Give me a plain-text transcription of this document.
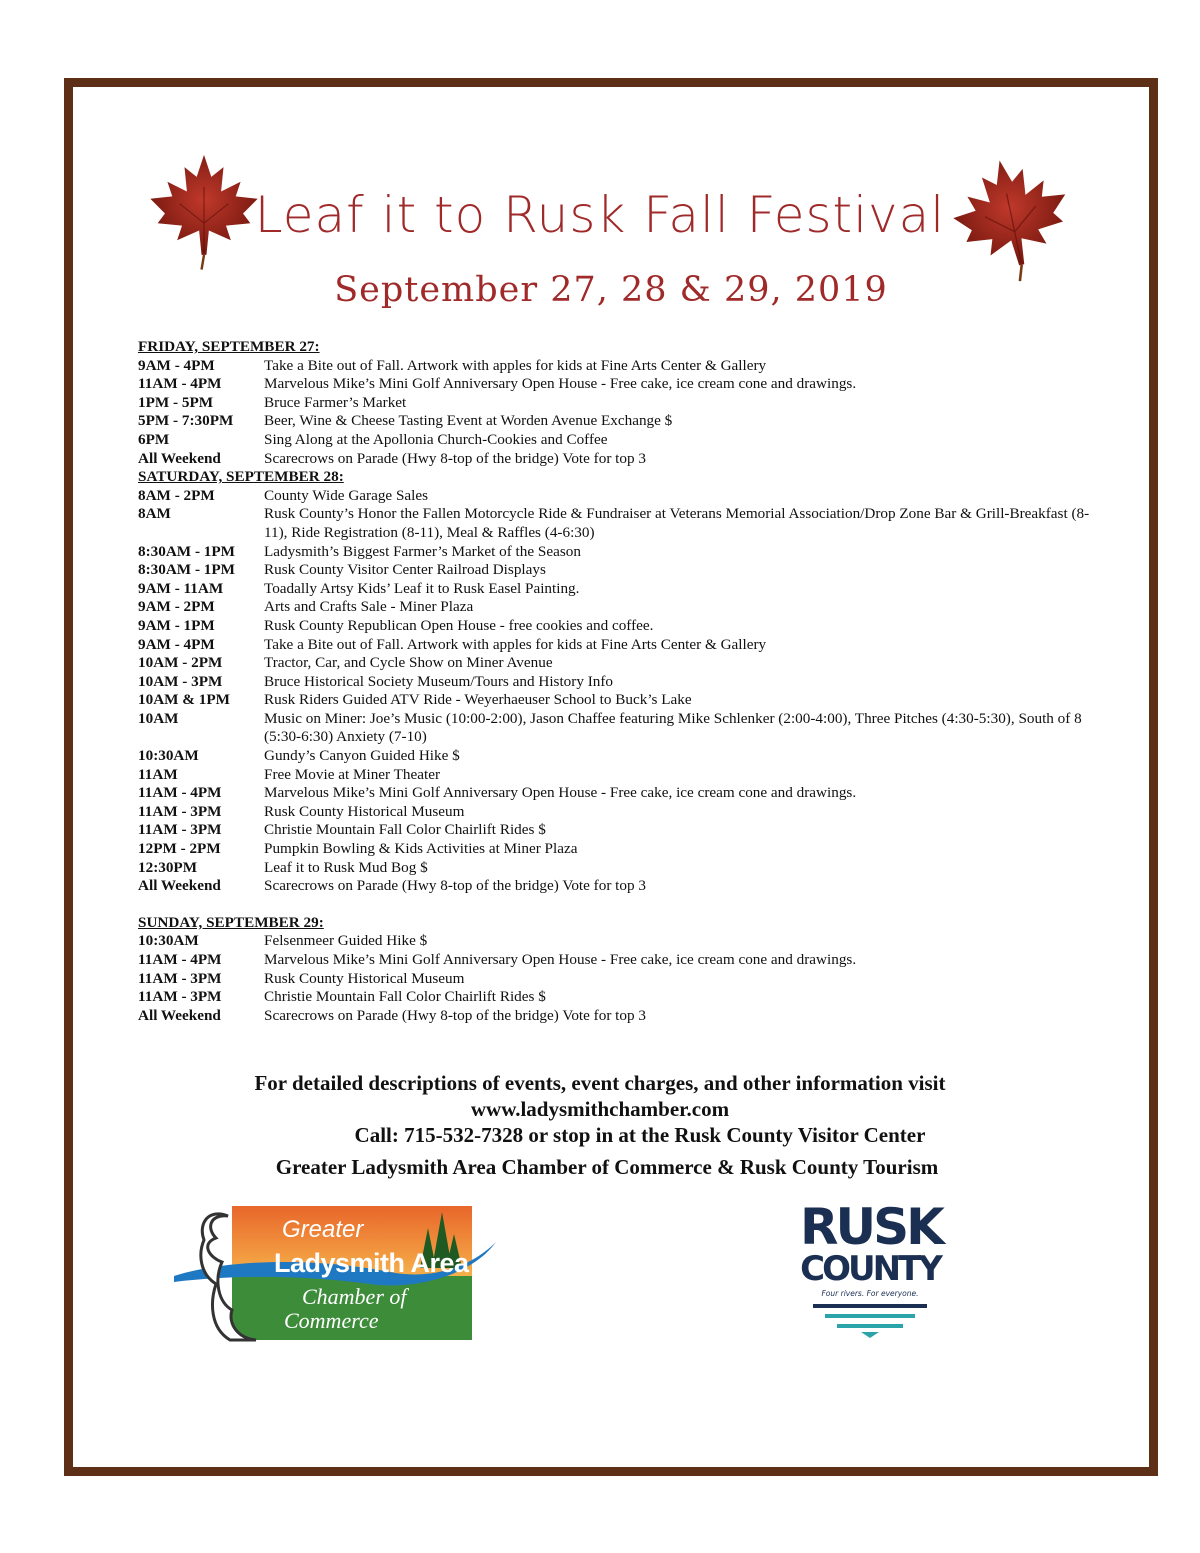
Leaf it to Rusk Fall Festival
September 27, 28 & 29, 2019
FRIDAY, SEPTEMBER 27:
9AM - 4PM	Take a Bite out of Fall. Artwork with apples for kids at Fine Arts Center & Gallery
11AM - 4PM	Marvelous Mike’s Mini Golf Anniversary Open House - Free cake, ice cream cone and drawings.
1PM - 5PM	Bruce Farmer’s Market
5PM - 7:30PM	Beer, Wine & Cheese Tasting Event at Worden Avenue Exchange $
6PM	Sing Along at the Apollonia Church-Cookies and Coffee
All Weekend	Scarecrows on Parade (Hwy 8-top of the bridge) Vote for top 3
SATURDAY, SEPTEMBER 28:
8AM - 2PM	County Wide Garage Sales
8AM	Rusk County’s Honor the Fallen Motorcycle Ride & Fundraiser at Veterans Memorial Association/Drop Zone Bar & Grill-Breakfast (8-11), Ride Registration (8-11), Meal & Raffles (4-6:30)
8:30AM - 1PM	Ladysmith’s Biggest Farmer’s Market of the Season
8:30AM - 1PM	Rusk County Visitor Center Railroad Displays
9AM - 11AM	Toadally Artsy Kids’ Leaf it to Rusk Easel Painting.
9AM - 2PM	Arts and Crafts Sale - Miner Plaza
9AM - 1PM	Rusk County Republican Open House - free cookies and coffee.
9AM - 4PM	Take a Bite out of Fall. Artwork with apples for kids at Fine Arts Center & Gallery
10AM - 2PM	Tractor, Car, and Cycle Show on Miner Avenue
10AM - 3PM	Bruce Historical Society Museum/Tours and History Info
10AM & 1PM	Rusk Riders Guided ATV Ride - Weyerhaeuser School to Buck’s Lake
10AM	Music on Miner: Joe’s Music (10:00-2:00), Jason Chaffee featuring Mike Schlenker (2:00-4:00), Three Pitches (4:30-5:30), South of 8 (5:30-6:30) Anxiety (7-10)
10:30AM	Gundy’s Canyon Guided Hike $
11AM	Free Movie at Miner Theater
11AM - 4PM	Marvelous Mike’s Mini Golf Anniversary Open House - Free cake, ice cream cone and drawings.
11AM - 3PM	Rusk County Historical Museum
11AM - 3PM	Christie Mountain Fall Color Chairlift Rides $
12PM - 2PM	Pumpkin Bowling & Kids Activities at Miner Plaza
12:30PM	Leaf it to Rusk Mud Bog $
All Weekend	Scarecrows on Parade (Hwy 8-top of the bridge) Vote for top 3
SUNDAY, SEPTEMBER 29:
10:30AM	Felsenmeer Guided Hike $
11AM - 4PM	Marvelous Mike’s Mini Golf Anniversary Open House - Free cake, ice cream cone and drawings.
11AM - 3PM	Rusk County Historical Museum
11AM - 3PM	Christie Mountain Fall Color Chairlift Rides $
All Weekend	Scarecrows on Parade (Hwy 8-top of the bridge) Vote for top 3
For detailed descriptions of events, event charges, and other information visit
www.ladysmithchamber.com
Call: 715-532-7328 or stop in at the Rusk County Visitor Center
Greater Ladysmith Area Chamber of Commerce & Rusk County Tourism
Greater
Ladysmith Area
Chamber of
Commerce
RUSK
COUNTY
Four rivers. For everyone.
